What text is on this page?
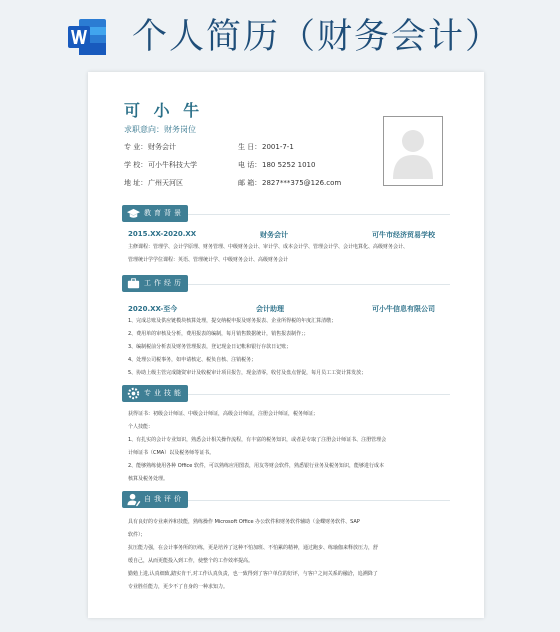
个人简历（财务会计）
可 小 牛
求职意向：财务岗位
专 业：财务会计	生 日：2001-7-1
学 校：可小牛科技大学	电 话：180 5252 1010
地 址：广州天河区	邮 箱：2827***375@126.com
教育背景
2015.XX-2020.XX	财务会计	可牛市经济贸易学校
主修课程：管理学、会计学原理、财务管理、中级财务会计、审计学、成本会计学、管理会计学、会计电算化、高级财务会计、
管理统计学学位课程：英语、管理统计学、中级财务会计、高级财务会计
工作经历
2020.XX-至今	会计助理	可小牛信息有限公司
1、完成总账及供应链模块核算处理，提交纳税申报及财务报表、企业所得税的年度汇算清缴；
2、费用单的审核及分析，费用报表的编制，每月销售数据统计，销售报表制作；；
3、编制税前分析表及财务管理报表，登记现金日记帐和银行存款日记账；
4、处理公司税事务，如申请核定、税负自核、注销税务；
5、协助上级主管完成随资审计及收税审计项目报告，现金清零，收付及盘点督促，每月员工工资计算发放；
专业技能
获得证书：初级会计师证、中级会计师证，高级会计师证，注册会计师证，税务师证；
个人技能：
1、有扎实的会计专业知识，熟悉会计相关操作流程，有丰富的税务知识，或者是专取了注册会计师证书、注册管理会
计师证书（CMA）以及税务师等证书。
2、能够熟练使用各种 Office 软件，可以熟练应用图表，用友等财会软件，熟悉银行业务及税务知识，能够进行成本
核算及税务处理。
自我评价
具有良好的专业素养和技能，熟练操作 Microsoft Office 办公软件和财务软件辅助（金蝶财务软件、SAP
软件）；
抗压能力强，在会计事务所的历练，更是培养了这种不怕加班、不怕累的精神，通过跑步、练瑜伽来释放压力，舒
缓自己，从而更能投入到工作，使整个的工作效率提高。
勤勉上进,认真细致,踏实肯干,对工作认真负责，也一致得到了客户单位的好评，与客户之间关系的融洽，追溯降了
专业胜任能力，更少不了自身的一种求知力。
